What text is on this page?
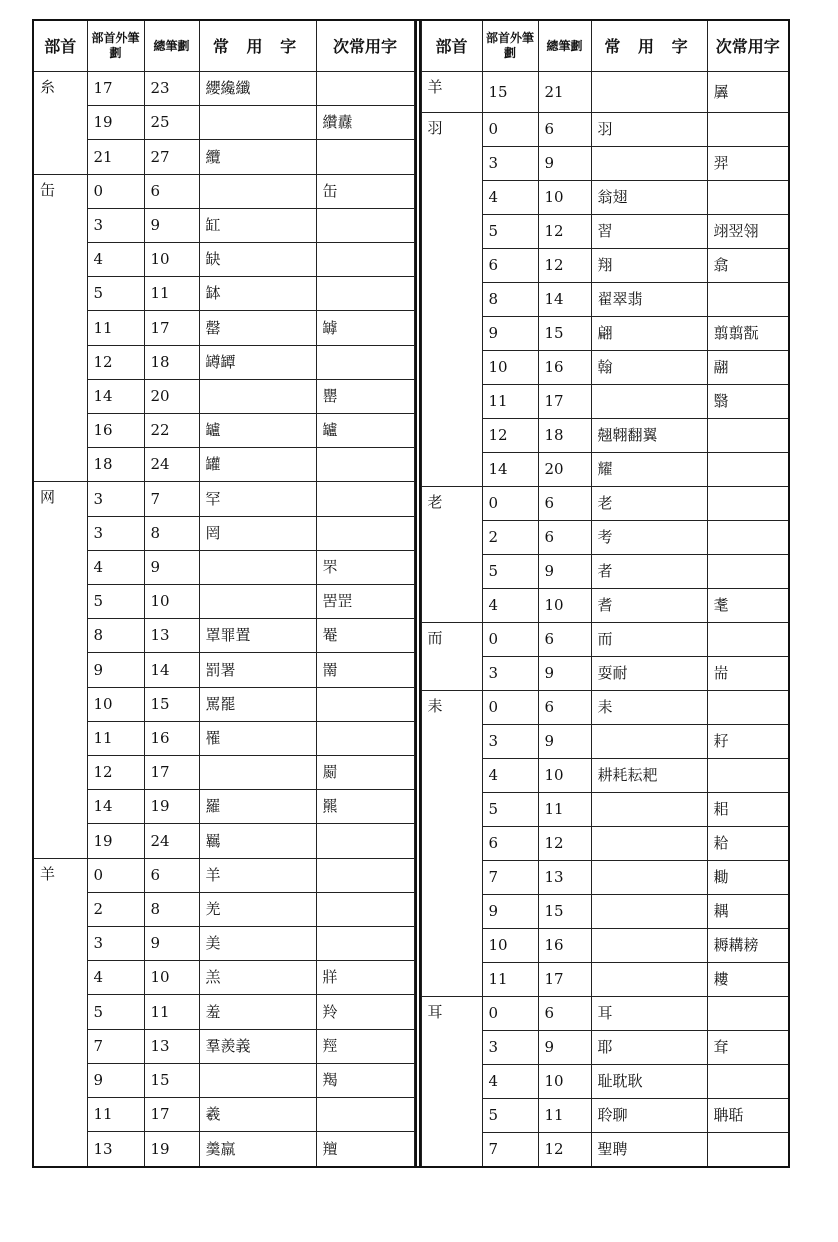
部首	部首外筆劃	總筆劃	常 用 字	次常用字
糸	17	23	纓纔纖	
	19	25		纘纛
	21	27	纜	
缶	0	6		缶
	3	9	缸	
	4	10	缺	
	5	11	缽	
	11	17	罄	罅
	12	18	罇罈	
	14	20		罌
	16	22	罏	罏
	18	24	罐	
网	3	7	罕	
	3	8	罔	
	4	9		罘
	5	10		罟罡
	8	13	罩罪置	罨
	9	14	罰署	罱
	10	15	罵罷	
	11	16	罹	
	12	17		罽
	14	19	羅	羆
	19	24	羈	
羊	0	6	羊	
	2	8	羌	
	3	9	美	
	4	10	羔	牂
	5	11	羞	羚
	7	13	羣羨義	羥
	9	15		羯
	11	17	羲	
	13	19	羹羸	羶
部首	部首外筆劃	總筆劃	常 用 字	次常用字
羊	15	21		羼
羽	0	6	羽	
	3	9		羿
	4	10	翁翅	
	5	12	習	翊翌翎
	6	12	翔	翕
	8	14	翟翠翡	
	9	15	翩	翦翦翫
	10	16	翰	翮
	11	17		翳
	12	18	翹翺翻翼	
	14	20	耀	
老	0	6	老	
	2	6	考	
	5	9	者	
	4	10	耆	耄
而	0	6	而	
	3	9	耍耐	耑
耒	0	6	耒	
	3	9		耔
	4	10	耕耗耘耙	
	5	11		耜
	6	12		耠
	7	13		耡
	9	15		耦
	10	16		耨耩耪
	11	17		耬
耳	0	6	耳	
	3	9	耶	耷
	4	10	耻耽耿	
	5	11	聆聊	聃聒
	7	12	聖聘	
